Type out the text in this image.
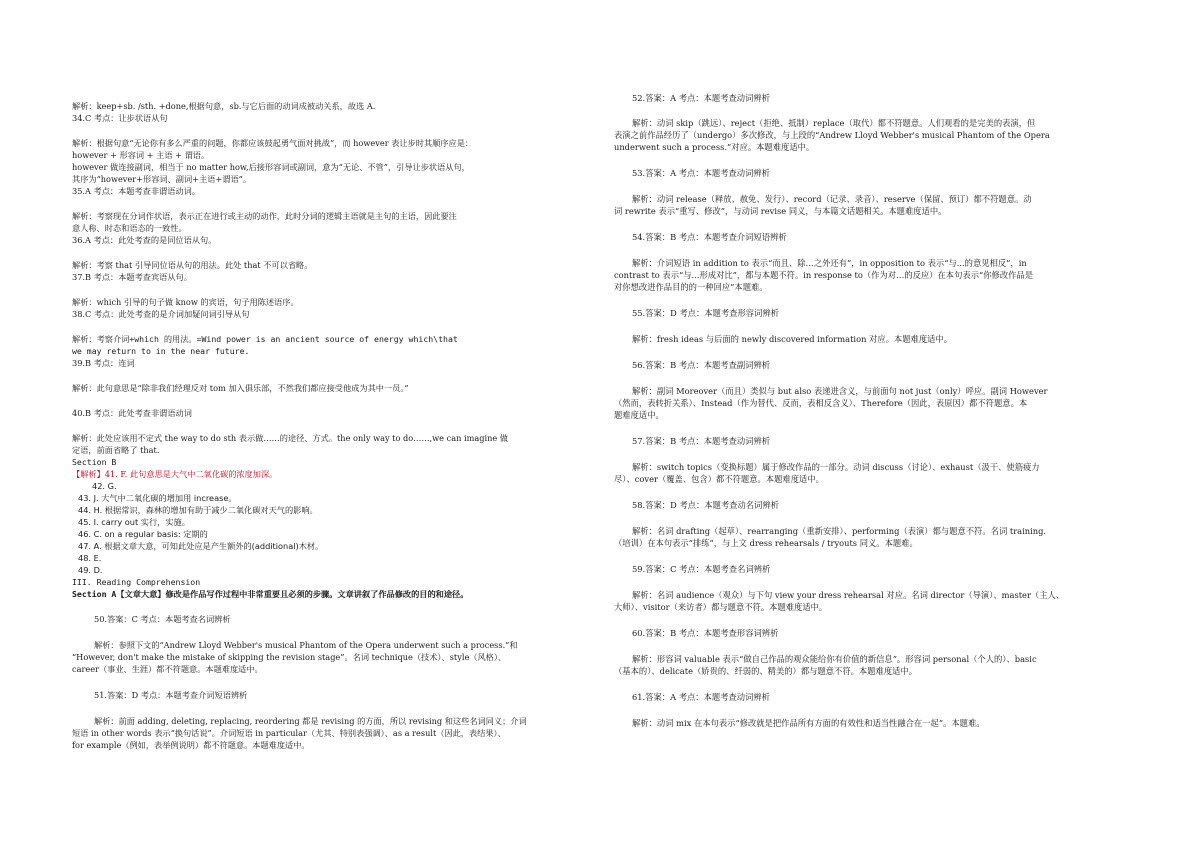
解析：keep+sb. /sth. +done,根据句意，sb.与它后面的动词成被动关系，故选 A.
34.C 考点：让步状语从句
解析：根据句意“无论你有多么严重的问题，你都应该鼓起勇气面对挑战”，而 however 表让步时其顺序应是：
however + 形容词 + 主语 + 谓语。
however 做连接副词，相当于 no matter how,后接形容词或副词，意为“无论、不管”，引导让步状语从句，
其序为“however+形容词、副词+主语+谓语”。
35.A 考点：本题考查非谓语动词。
解析：考察现在分词作状语，表示正在进行或主动的动作，此时分词的逻辑主语就是主句的主语，因此要注
意人称、时态和语态的一致性。
36.A 考点：此处考查的是同位语从句。
解析：考察 that 引导同位语从句的用法。此处 that 不可以省略。
37.B 考点：本题考查宾语从句。
解析：which 引导的句子做 know 的宾语，句子用陈述语序。
38.C 考点：此处考查的是介词加疑问词引导从句
解析：考察介词+which 的用法。=Wind power is an ancient source of energy which\that
we may return to in the near future.
39.B 考点：连词
解析：此句意思是“除非我们经理反对 tom 加入俱乐部，不然我们都应接受他成为其中一员。”
40.B 考点：此处考查非谓语动词
解析：此处应该用不定式 the way to do sth 表示做……的途径、方式。the only way to do……,we can imagine 做
定语，前面省略了 that.
Section B
【解析】41. F. 此句意思是大气中二氧化碳的浓度加深。
42. G.
43. J. 大气中二氧化碳的增加用 increase。
44. H. 根据常识，森林的增加有助于减少二氧化碳对天气的影响。
45. I. carry out 实行，实施。
46. C. on a regular basis: 定期的
47. A. 根据文章大意，可知此处应是产生额外的(additional)木材。
48. E.
49. D.
III. Reading Comprehension
Section A【文章大意】修改是作品写作过程中非常重要且必须的步骤。文章讲叙了作品修改的目的和途径。
50.答案：C 考点：本题考查名词辨析
解析：参照下文的“Andrew Lloyd Webber's musical Phantom of the Opera underwent such a process.”和
“However, don't make the mistake of skipping the revision stage”。名词 technique（技术）、style（风格）、
career（事业、生涯）都不符题意。本题难度适中。
51.答案：D 考点：本题考查介词短语辨析
解析：前面 adding, deleting, replacing, reordering 都是 revising 的方面，所以 revising 和这些名词同义；介词
短语 in other words 表示“换句话说”。介词短语 in particular（尤其、特别表强调）、as a result（因此，表结果）、
for example（例如，表举例说明）都不符题意。本题难度适中。
52.答案：A 考点：本题考查动词辨析
解析：动词 skip（跳远）、reject（拒绝、抵制）replace（取代）都不符题意。人们观看的是完美的表演，但
表演之前作品经历了（undergo）多次修改，与上段的“Andrew Lloyd Webber's musical Phantom of the Opera
underwent such a process.”对应。本题难度适中。
53.答案：A 考点：本题考查动词辨析
解析：动词 release（释放、赦免、发行）、record（记录、录音）、reserve（保留、预订）都不符题意。动
词 rewrite 表示“重写、修改”，与动词 revise 同义，与本篇文话题相关。本题难度适中。
54.答案：B 考点：本题考查介词短语辨析
解析：介词短语 in addition to 表示“而且、除…之外还有”，in opposition to 表示“与...的意见相反”，in
contrast to 表示“与...形成对比”，都与本题不符。in response to（作为对…的反应）在本句表示“你修改作品是
对你想改进作品目的的一种回应”本题难。
55.答案：D 考点：本题考查形容词辨析
解析：fresh ideas 与后面的 newly discovered information 对应。本题难度适中。
56.答案：B 考点：本题考查副词辨析
解析：副词 Moreover（而且）类似与 but also 表递进含义，与前面句 not just（only）呼应。副词 However
（然而，表转折关系）、Instead（作为替代、反而，表相反含义）、Therefore（因此，表原因）都不符题意。本
题难度适中。
57.答案：B 考点：本题考查动词辨析
解析：switch topics（变换标题）属于修改作品的一部分。动词 discuss（讨论）、exhaust（汲干、使筋疲力
尽）、cover（覆盖、包含）都不符题意。本题难度适中。
58.答案：D 考点：本题考查动名词辨析
解析：名词 drafting（起草）、rearranging（重新安排）、performing（表演）都与题意不符。名词 training.
（培训）在本句表示“排练”，与上文 dress rehearsals / tryouts 同义。本题难。
59.答案：C 考点：本题考查名词辨析
解析：名词 audience（观众）与下句 view your dress rehearsal 对应。名词 director（导演）、master（主人、
大师）、visitor（来访者）都与题意不符。本题难度适中。
60.答案：B 考点：本题考查形容词辨析
解析：形容词 valuable 表示“做自己作品的观众能给你有价值的新信息”。形容词 personal（个人的）、basic
（基本的）、delicate（娇贵的、纤弱的、精美的）都与题意不符。本题难度适中。
61.答案：A 考点：本题考查动词辨析
解析：动词 mix 在本句表示“修改就是把作品所有方面的有效性和适当性融合在一起”。本题难。
